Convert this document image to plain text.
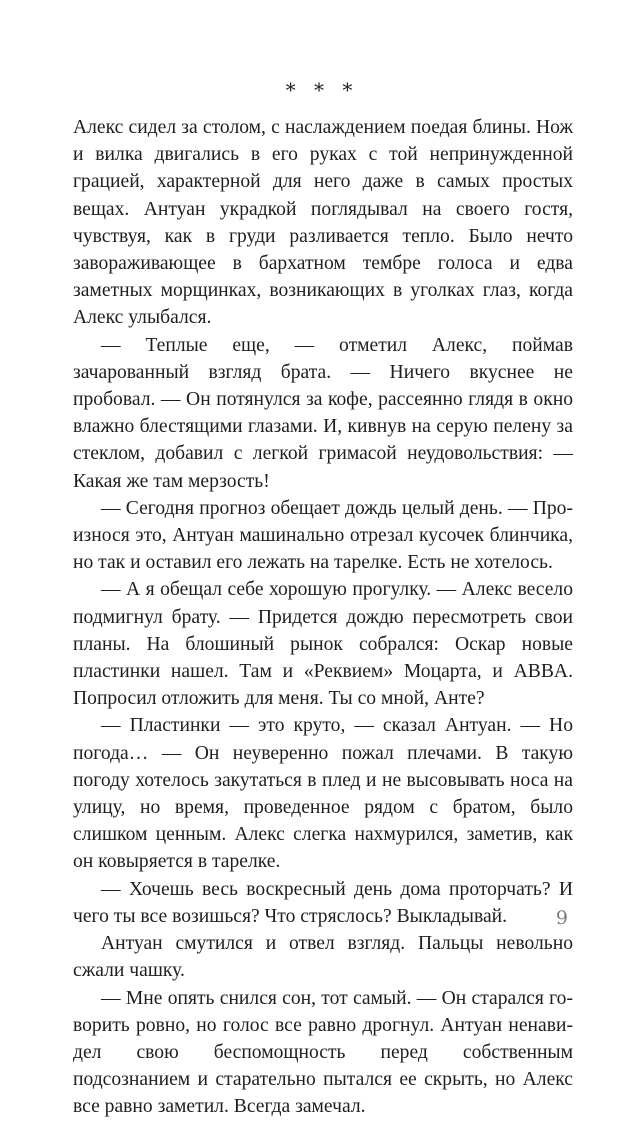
* * *

Алекс сидел за столом, с наслаждением поедая блины. Нож и вилка двигались в его руках с той непринужденной грацией, характерной для него даже в самых простых вещах. Антуан украдкой поглядывал на своего гостя, чувствуя, как в груди разливается тепло. Было нечто завораживающее в бархатном тембре голоса и едва заметных морщинках, возникающих в уголках глаз, когда Алекс улыбался.

— Теплые еще, — отметил Алекс, поймав зачарованный взгляд брата. — Ничего вкуснее не пробовал. — Он потянулся за кофе, рассеянно глядя в окно влажно блестящими глазами. И, кивнув на серую пелену за стеклом, добавил с легкой гримасой неудовольствия: — Какая же там мерзость!

— Сегодня прогноз обещает дождь целый день. — Произнося это, Антуан машинально отрезал кусочек блинчика, но так и оставил его лежать на тарелке. Есть не хотелось.

— А я обещал себе хорошую прогулку. — Алекс весело подмигнул брату. — Придется дождю пересмотреть свои планы. На блошиный рынок собрался: Оскар новые пластинки нашел. Там и «Реквием» Моцарта, и ABBA. Попросил отложить для меня. Ты со мной, Анте?

— Пластинки — это круто, — сказал Антуан. — Но погода… — Он неуверенно пожал плечами. В такую погоду хотелось закутаться в плед и не высовывать носа на улицу, но время, проведенное рядом с братом, было слишком ценным. Алекс слегка нахмурился, заметив, как он ковыряется в тарелке.

— Хочешь весь воскресный день дома проторчать? И чего ты все возишься? Что стряслось? Выкладывай.

Антуан смутился и отвел взгляд. Пальцы невольно сжали чашку.

— Мне опять снился сон, тот самый. — Он старался говорить ровно, но голос все равно дрогнул. Антуан ненавидел свою беспомощность перед собственным подсознанием и старательно пытался ее скрыть, но Алекс все равно заметил. Всегда замечал.

9
